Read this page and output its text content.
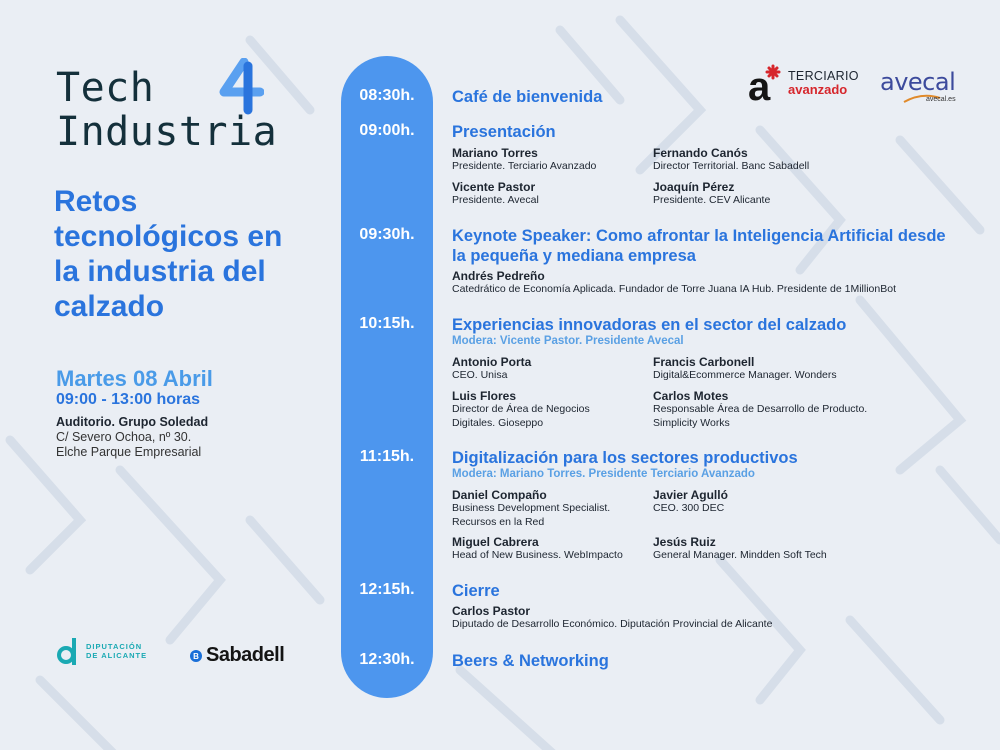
Tech
Industria
Retos tecnológicos en la industria del calzado
Martes 08 Abril
09:00 - 13:00 horas
Auditorio. Grupo Soledad
C/ Severo Ochoa, nº 30.
Elche Parque Empresarial
DIPUTACIÓN
DE ALICANTE	B Sabadell
a TERCIARIO
avanzado	avecal
avecal.es
08:30h.	Café de bienvenida
09:00h.	Presentación
Mariano Torres
Presidente. Terciario Avanzado
Fernando Canós
Director Territorial. Banc Sabadell
Vicente Pastor
Presidente. Avecal
Joaquín Pérez
Presidente. CEV Alicante
09:30h.	Keynote Speaker: Como afrontar la Inteligencia Artificial desde la pequeña y mediana empresa
Andrés Pedreño
Catedrático de Economía Aplicada. Fundador de Torre Juana IA Hub. Presidente de 1MillionBot
10:15h.	Experiencias innovadoras en el sector del calzado
Modera: Vicente Pastor. Presidente Avecal
Antonio Porta
CEO. Unisa
Francis Carbonell
Digital&Ecommerce Manager. Wonders
Luis Flores
Director de Área de Negocios
Digitales. Gioseppo
Carlos Motes
Responsable Área de Desarrollo de Producto.
Simplicity Works
11:15h.	Digitalización para los sectores productivos
Modera: Mariano Torres. Presidente Terciario Avanzado
Daniel Compaño
Business Development Specialist.
Recursos en la Red
Javier Agulló
CEO. 300 DEC
Miguel Cabrera
Head of New Business. WebImpacto
Jesús Ruiz
General Manager. Mindden Soft Tech
12:15h.	Cierre
Carlos Pastor
Diputado de Desarrollo Económico. Diputación Provincial de Alicante
12:30h.	Beers & Networking
